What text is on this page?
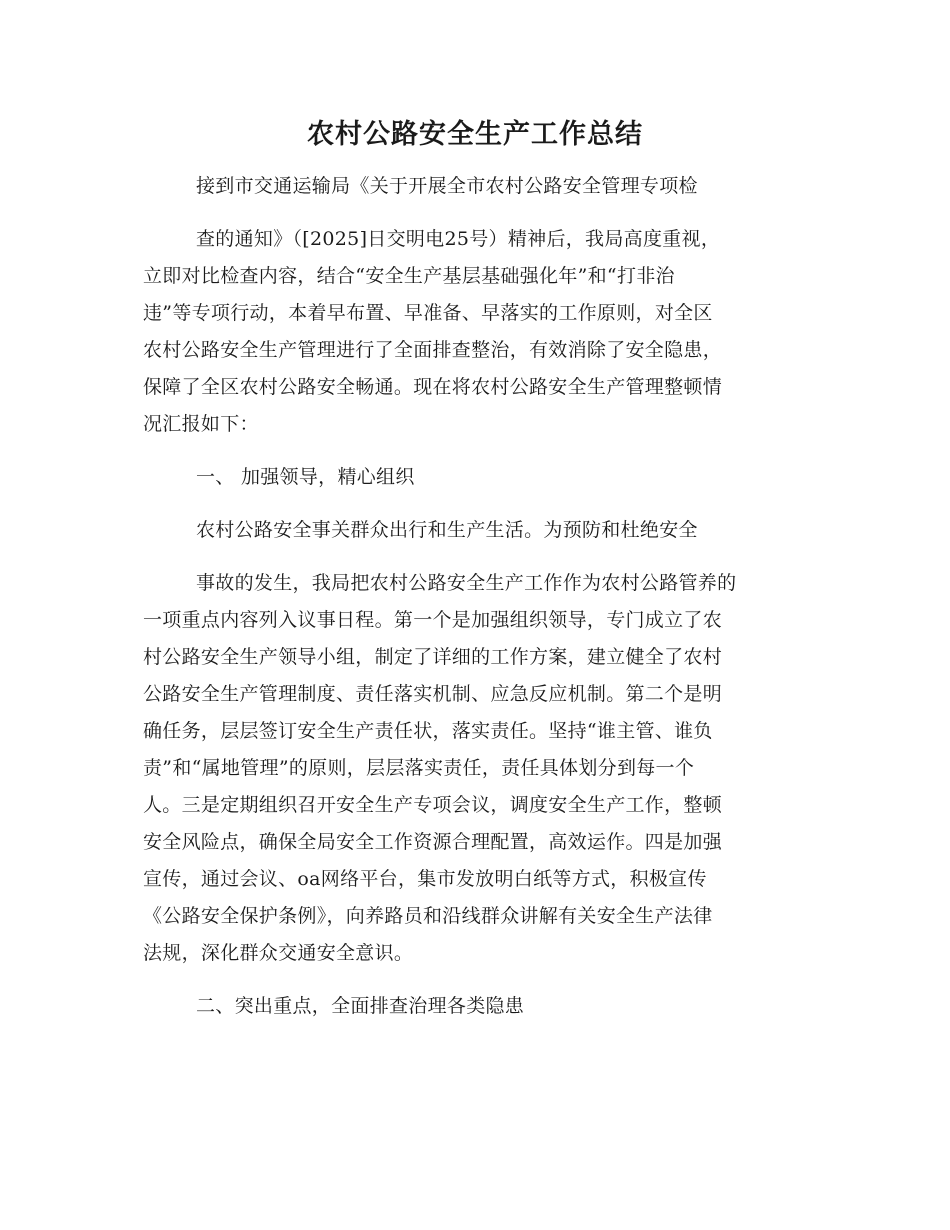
农村公路安全生产工作总结
接到市交通运输局《关于开展全市农村公路安全管理专项检
查的通知》（[2025]日交明电25号）精神后，我局高度重视，
立即对比检查内容，结合“安全生产基层基础强化年”和“打非治
违”等专项行动，本着早布置、早准备、早落实的工作原则，对全区
农村公路安全生产管理进行了全面排查整治，有效消除了安全隐患，
保障了全区农村公路安全畅通。现在将农村公路安全生产管理整顿情
况汇报如下：
一、 加强领导，精心组织
农村公路安全事关群众出行和生产生活。为预防和杜绝安全
事故的发生，我局把农村公路安全生产工作作为农村公路管养的
一项重点内容列入议事日程。第一个是加强组织领导，专门成立了农
村公路安全生产领导小组，制定了详细的工作方案，建立健全了农村
公路安全生产管理制度、责任落实机制、应急反应机制。第二个是明
确任务，层层签订安全生产责任状，落实责任。坚持“谁主管、谁负
责”和“属地管理”的原则，层层落实责任，责任具体划分到每一个
人。三是定期组织召开安全生产专项会议，调度安全生产工作，整顿
安全风险点，确保全局安全工作资源合理配置，高效运作。四是加强
宣传，通过会议、oa网络平台，集市发放明白纸等方式，积极宣传
《公路安全保护条例》，向养路员和沿线群众讲解有关安全生产法律
法规，深化群众交通安全意识。
二、突出重点，全面排查治理各类隐患
